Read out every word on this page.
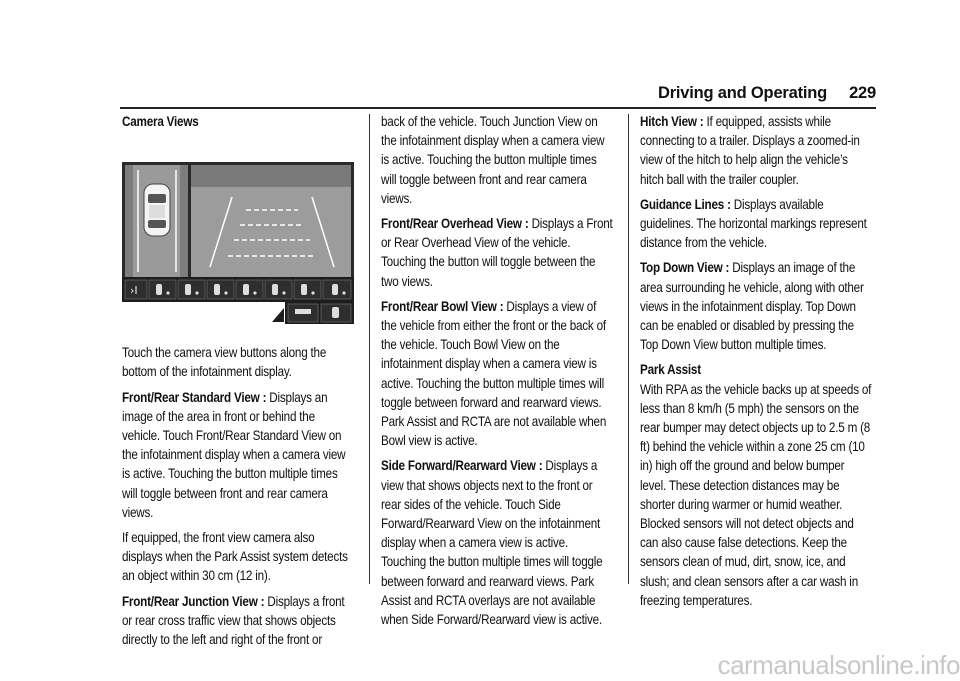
Driving and Operating 229

Camera Views

Touch the camera view buttons along the bottom of the infotainment display.

Front/Rear Standard View : Displays an image of the area in front or behind the vehicle. Touch Front/Rear Standard View on the infotainment display when a camera view is active. Touching the button multiple times will toggle between front and rear camera views.

If equipped, the front view camera also displays when the Park Assist system detects an object within 30 cm (12 in).

Front/Rear Junction View : Displays a front or rear cross traffic view that shows objects directly to the left and right of the front or

›I

back of the vehicle. Touch Junction View on the infotainment display when a camera view is active. Touching the button multiple times will toggle between front and rear camera views.

Front/Rear Overhead View : Displays a Front or Rear Overhead View of the vehicle. Touching the button will toggle between the two views.

Front/Rear Bowl View : Displays a view of the vehicle from either the front or the back of the vehicle. Touch Bowl View on the infotainment display when a camera view is active. Touching the button multiple times will toggle between forward and rearward views. Park Assist and RCTA are not available when Bowl view is active.

Side Forward/Rearward View : Displays a view that shows objects next to the front or rear sides of the vehicle. Touch Side Forward/Rearward View on the infotainment display when a camera view is active. Touching the button multiple times will toggle between forward and rearward views. Park Assist and RCTA overlays are not available when Side Forward/Rearward view is active.

Hitch View : If equipped, assists while connecting to a trailer. Displays a zoomed-in view of the hitch to help align the vehicle’s hitch ball with the trailer coupler.

Guidance Lines : Displays available guidelines. The horizontal markings represent distance from the vehicle.

Top Down View : Displays an image of the area surrounding he vehicle, along with other views in the infotainment display. Top Down can be enabled or disabled by pressing the Top Down View button multiple times.

Park Assist

With RPA as the vehicle backs up at speeds of less than 8 km/h (5 mph) the sensors on the rear bumper may detect objects up to 2.5 m (8 ft) behind the vehicle within a zone 25 cm (10 in) high off the ground and below bumper level. These detection distances may be shorter during warmer or humid weather. Blocked sensors will not detect objects and can also cause false detections. Keep the sensors clean of mud, dirt, snow, ice, and slush; and clean sensors after a car wash in freezing temperatures.

carmanualsonline.info
